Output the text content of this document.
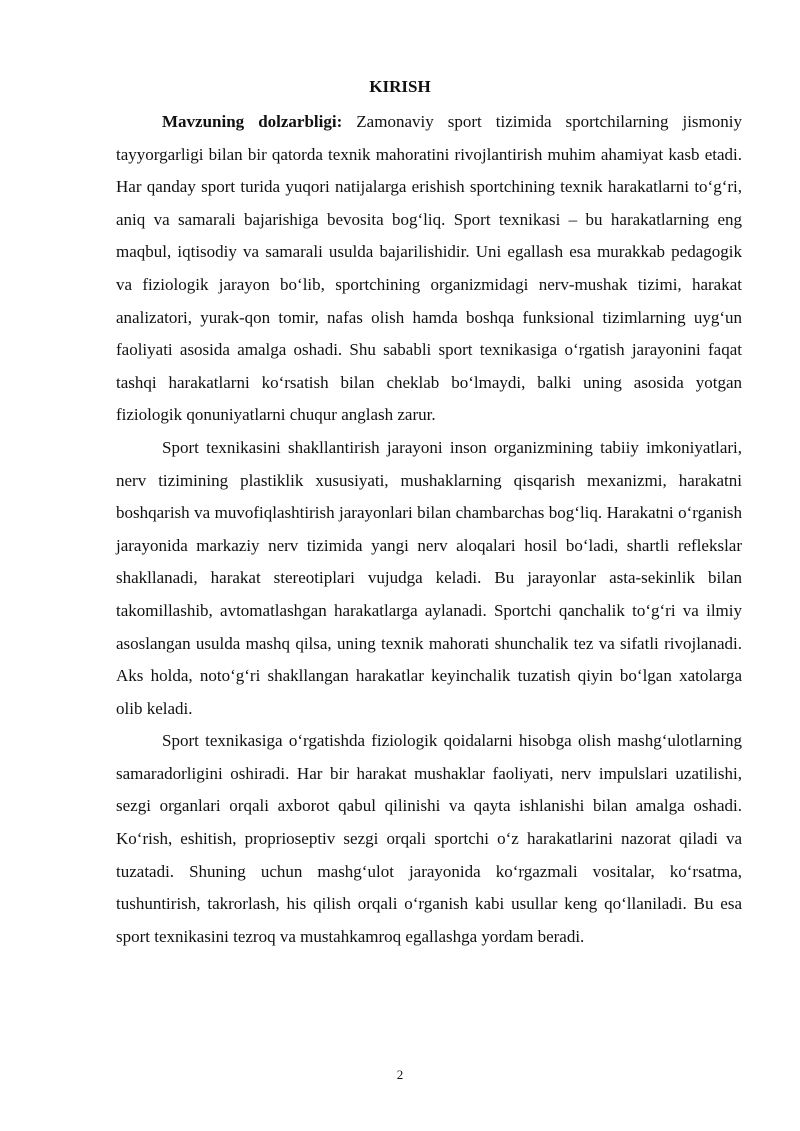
KIRISH

Mavzuning dolzarbligi: Zamonaviy sport tizimida sportchilarning jismoniy tayyorgarligi bilan bir qatorda texnik mahoratini rivojlantirish muhim ahamiyat kasb etadi. Har qanday sport turida yuqori natijalarga erishish sportchining texnik harakatlarni to‘g‘ri, aniq va samarali bajarishiga bevosita bog‘liq. Sport texnikasi – bu harakatlarning eng maqbul, iqtisodiy va samarali usulda bajarilishidir. Uni egallash esa murakkab pedagogik va fiziologik jarayon bo‘lib, sportchining organizmidagi nerv-mushak tizimi, harakat analizatori, yurak-qon tomir, nafas olish hamda boshqa funksional tizimlarning uyg‘un faoliyati asosida amalga oshadi. Shu sababli sport texnikasiga o‘rgatish jarayonini faqat tashqi harakatlarni ko‘rsatish bilan cheklab bo‘lmaydi, balki uning asosida yotgan fiziologik qonuniyatlarni chuqur anglash zarur.

Sport texnikasini shakllantirish jarayoni inson organizmining tabiiy imkoniyatlari, nerv tizimining plastiklik xususiyati, mushaklarning qisqarish mexanizmi, harakatni boshqarish va muvofiqlashtirish jarayonlari bilan chambarchas bog‘liq. Harakatni o‘rganish jarayonida markaziy nerv tizimida yangi nerv aloqalari hosil bo‘ladi, shartli reflekslar shakllanadi, harakat stereotiplari vujudga keladi. Bu jarayonlar asta-sekinlik bilan takomillashib, avtomatlashgan harakatlarga aylanadi. Sportchi qanchalik to‘g‘ri va ilmiy asoslangan usulda mashq qilsa, uning texnik mahorati shunchalik tez va sifatli rivojlanadi. Aks holda, noto‘g‘ri shakllangan harakatlar keyinchalik tuzatish qiyin bo‘lgan xatolarga olib keladi.

Sport texnikasiga o‘rgatishda fiziologik qoidalarni hisobga olish mashg‘ulotlarning samaradorligini oshiradi. Har bir harakat mushaklar faoliyati, nerv impulslari uzatilishi, sezgi organlari orqali axborot qabul qilinishi va qayta ishlanishi bilan amalga oshadi. Ko‘rish, eshitish, proprioseptiv sezgi orqali sportchi o‘z harakatlarini nazorat qiladi va tuzatadi. Shuning uchun mashg‘ulot jarayonida ko‘rgazmali vositalar, ko‘rsatma, tushuntirish, takrorlash, his qilish orqali o‘rganish kabi usullar keng qo‘llaniladi. Bu esa sport texnikasini tezroq va mustahkamroq egallashga yordam beradi.

2
